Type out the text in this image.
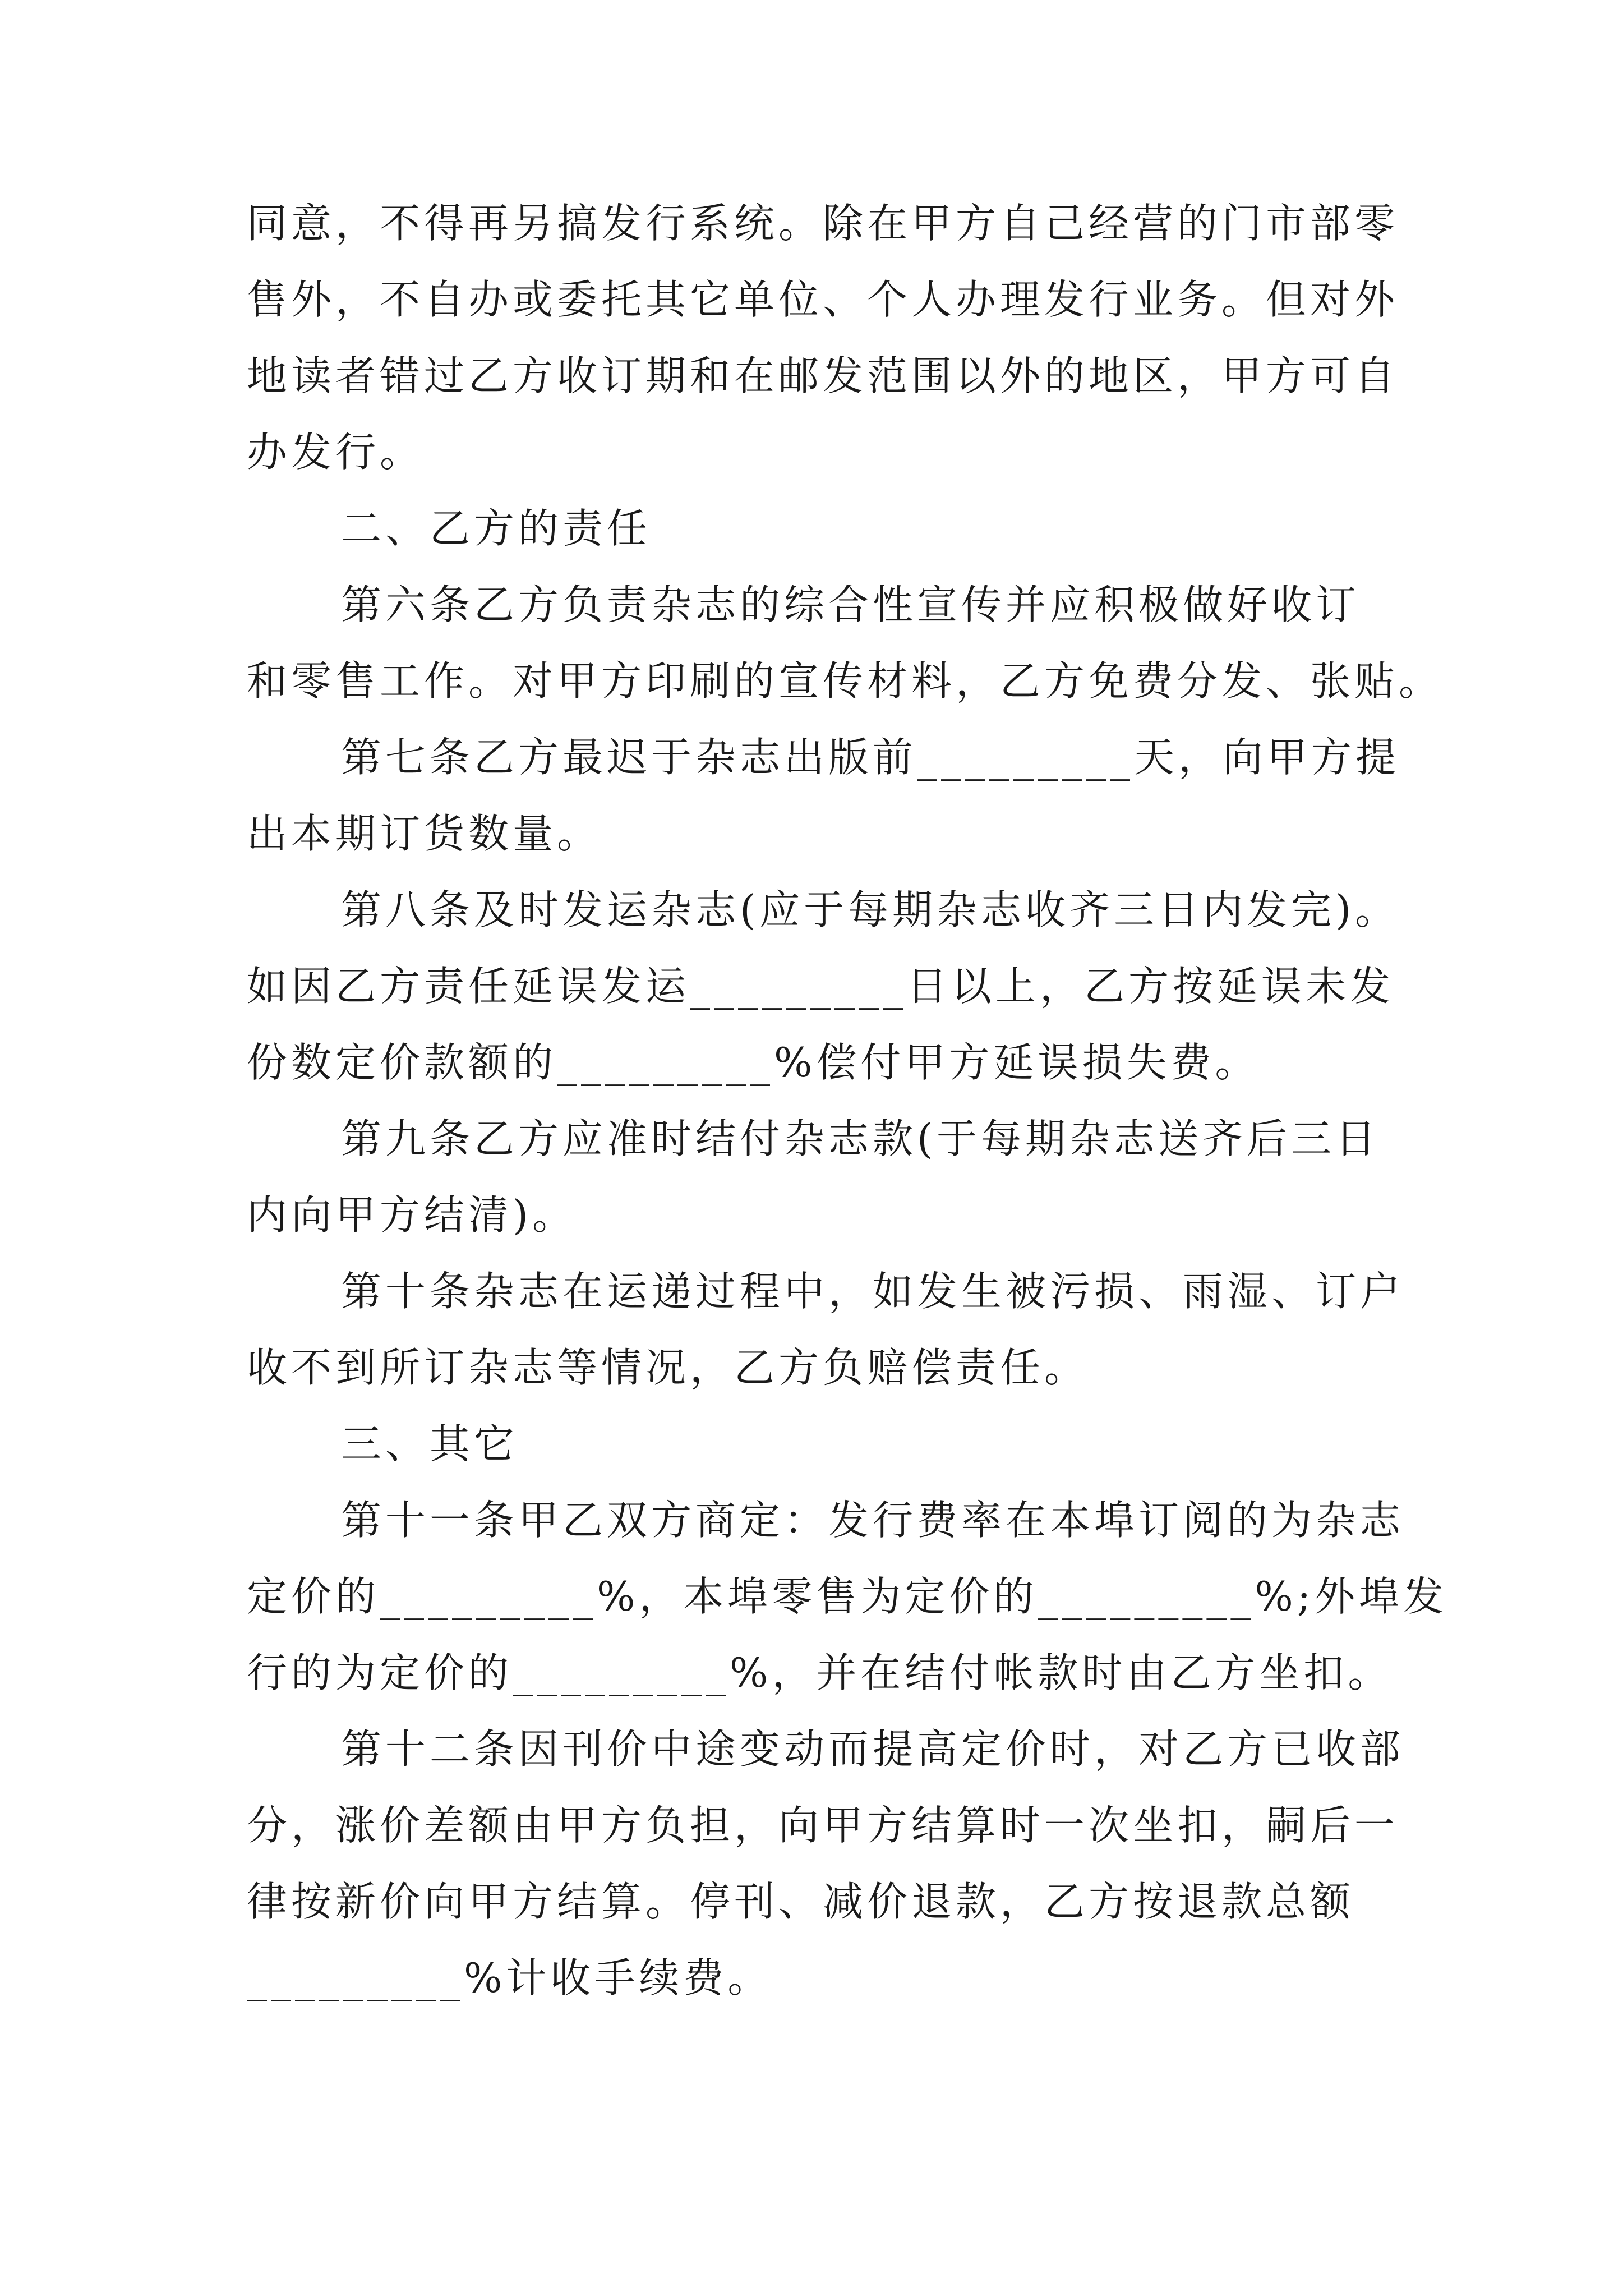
同意，不得再另搞发行系统。除在甲方自己经营的门市部零
售外，不自办或委托其它单位、个人办理发行业务。但对外
地读者错过乙方收订期和在邮发范围以外的地区，甲方可自
办发行。
二、乙方的责任
第六条乙方负责杂志的综合性宣传并应积极做好收订
和零售工作。对甲方印刷的宣传材料，乙方免费分发、张贴。
第七条乙方最迟于杂志出版前_________天，向甲方提
出本期订货数量。
第八条及时发运杂志(应于每期杂志收齐三日内发完)。
如因乙方责任延误发运_________日以上，乙方按延误未发
份数定价款额的_________%偿付甲方延误损失费。
第九条乙方应准时结付杂志款(于每期杂志送齐后三日
内向甲方结清)。
第十条杂志在运递过程中，如发生被污损、雨湿、订户
收不到所订杂志等情况，乙方负赔偿责任。
三、其它
第十一条甲乙双方商定：发行费率在本埠订阅的为杂志
定价的_________%，本埠零售为定价的_________%;外埠发
行的为定价的_________%，并在结付帐款时由乙方坐扣。
第十二条因刊价中途变动而提高定价时，对乙方已收部
分，涨价差额由甲方负担，向甲方结算时一次坐扣，嗣后一
律按新价向甲方结算。停刊、减价退款，乙方按退款总额
_________%计收手续费。
